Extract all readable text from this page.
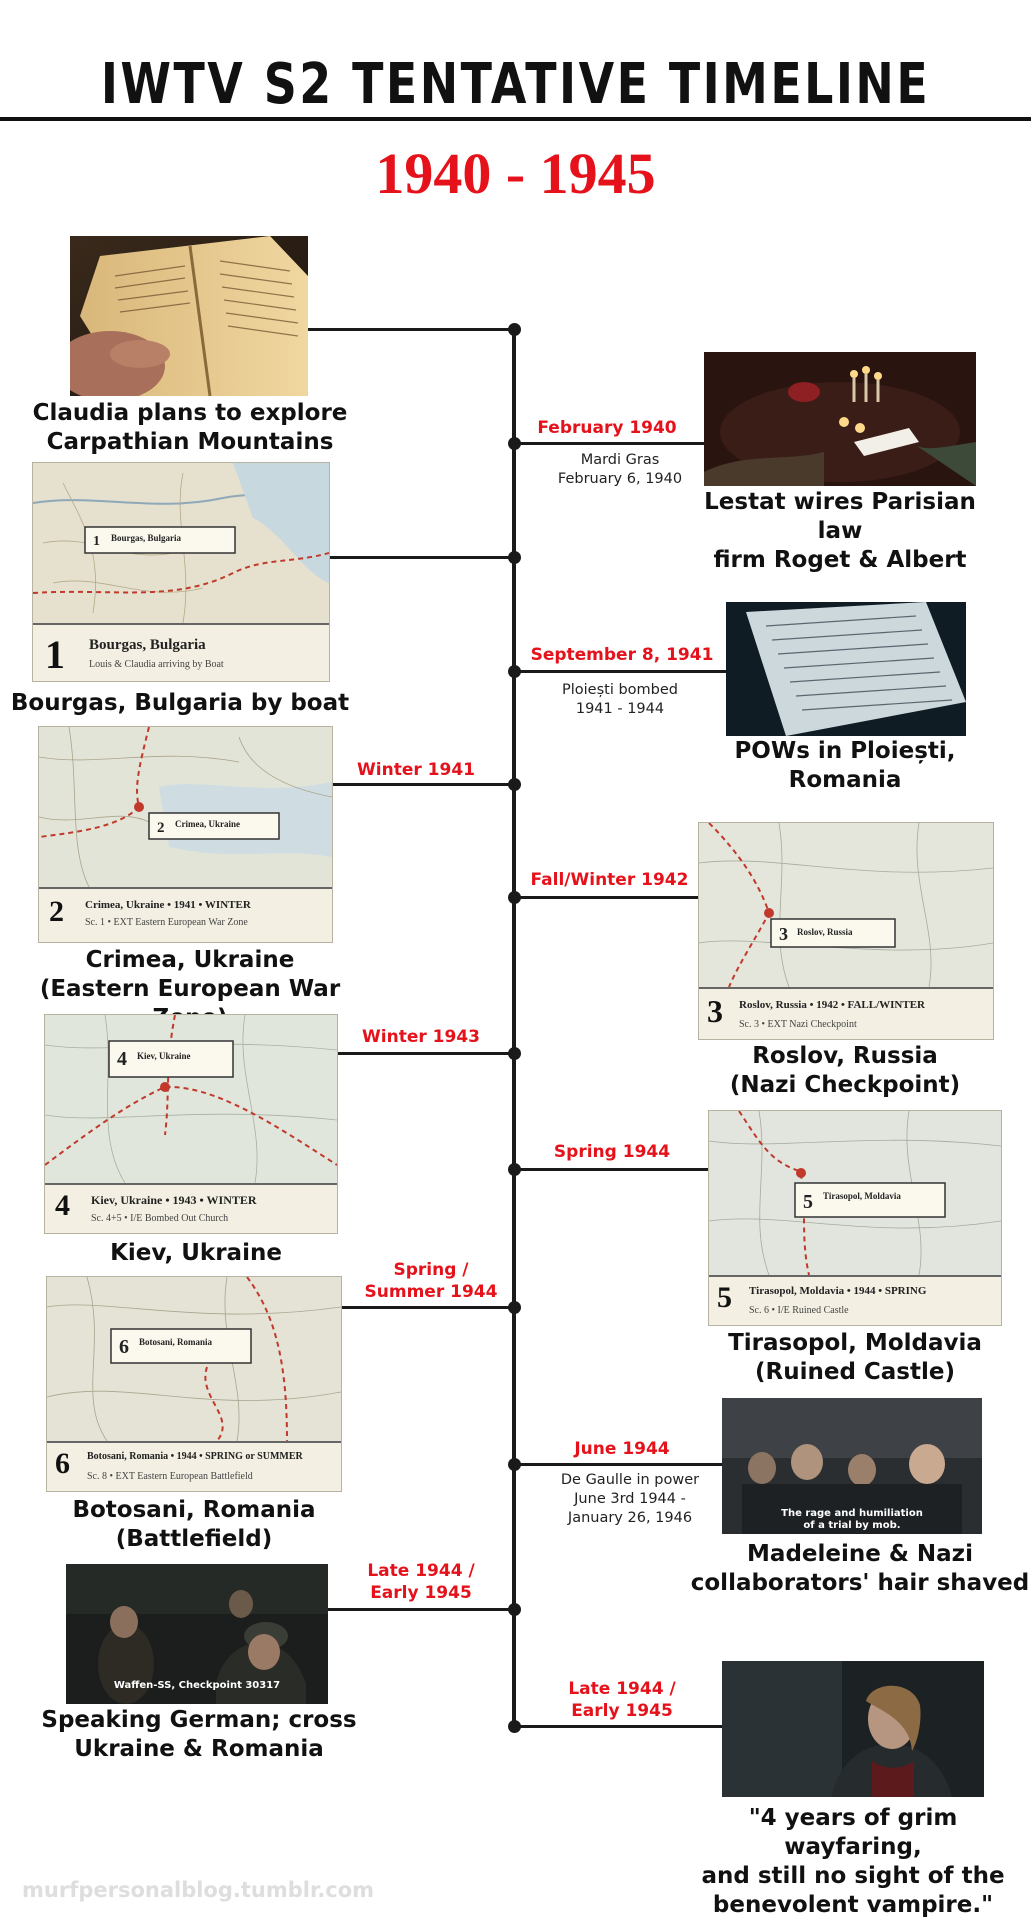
IWTV S2 TENTATIVE TIMELINE
1940 - 1945
Claudia plans to explore
Carpathian Mountains
1 Bourgas, Bulgaria
1 Bourgas, Bulgaria
Louis & Claudia arriving by Boat
Bourgas, Bulgaria by boat
Winter 1941
2 Crimea, Ukraine
2 Crimea, Ukraine • 1941 • WINTER
Sc. 1 • EXT Eastern European War Zone
Crimea, Ukraine
(Eastern European War
Winter 1943
4 Kiev, Ukraine
4 Kiev, Ukraine • 1943 • WINTER
Sc. 4+5 • I/E Bombed Out Church
Kiev, Ukraine
Spring /
Summer 1944
6 Botosani, Romania
6 Botosani, Romania • 1944 • SPRING or SUMMER
Sc. 8 • EXT Eastern European Battlefield
Botosani, Romania
(Battlefield)
Late 1944 /
Early 1945
Waffen-SS, Checkpoint 30317
Speaking German; cross
Ukraine & Romania
February 1940
Mardi Gras
February 6, 1940
Lestat wires Parisian law
firm Roget & Albert
September 8, 1941
Ploiești bombed
1941 - 1944
POWs in Ploiești,
Romania
Fall/Winter 1942
3 Roslov, Russia
3 Roslov, Russia • 1942 • FALL/WINTER
Sc. 3 • EXT Nazi Checkpoint
Roslov, Russia
(Nazi Checkpoint)
Spring 1944
5 Tirasopol, Moldavia
5 Tirasopol, Moldavia • 1944 • SPRING
Sc. 6 • I/E Ruined Castle
Tirasopol, Moldavia
(Ruined Castle)
June 1944
De Gaulle in power
June 3rd 1944 -
January 26, 1946	The rage and humiliation
of a trial by mob.
Madeleine & Nazi
collaborators' hair shaved
Late 1944 /
Early 1945
"4 years of grim wayfaring,
and still no sight of the
benevolent vampire."
murfpersonalblog.tumblr.com
